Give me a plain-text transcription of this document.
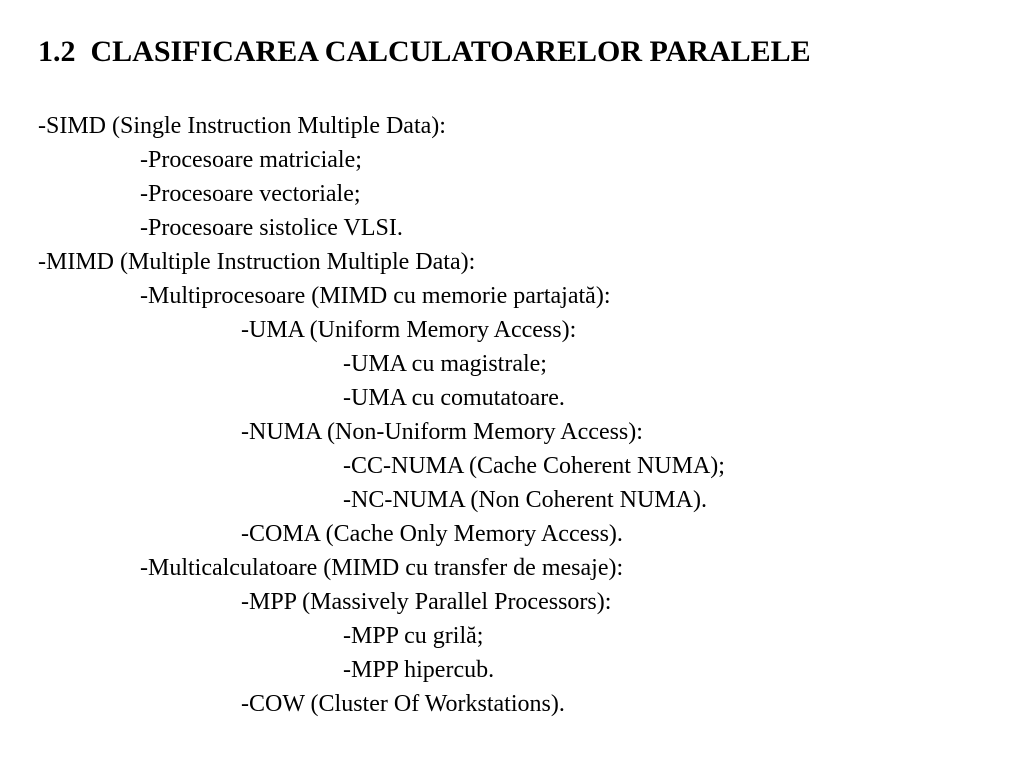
1.2  CLASIFICAREA CALCULATOARELOR PARALELE
-SIMD (Single Instruction Multiple Data):
-Procesoare matriciale;
-Procesoare vectoriale;
-Procesoare sistolice VLSI.
-MIMD (Multiple Instruction Multiple Data):
-Multiprocesoare (MIMD cu memorie partajată):
-UMA (Uniform Memory Access):
-UMA cu magistrale;
-UMA cu comutatoare.
-NUMA (Non-Uniform Memory Access):
-CC-NUMA (Cache Coherent NUMA);
-NC-NUMA (Non Coherent NUMA).
-COMA (Cache Only Memory Access).
-Multicalculatoare (MIMD cu transfer de mesaje):
-MPP (Massively Parallel Processors):
-MPP cu grilă;
-MPP hipercub.
-COW (Cluster Of Workstations).
